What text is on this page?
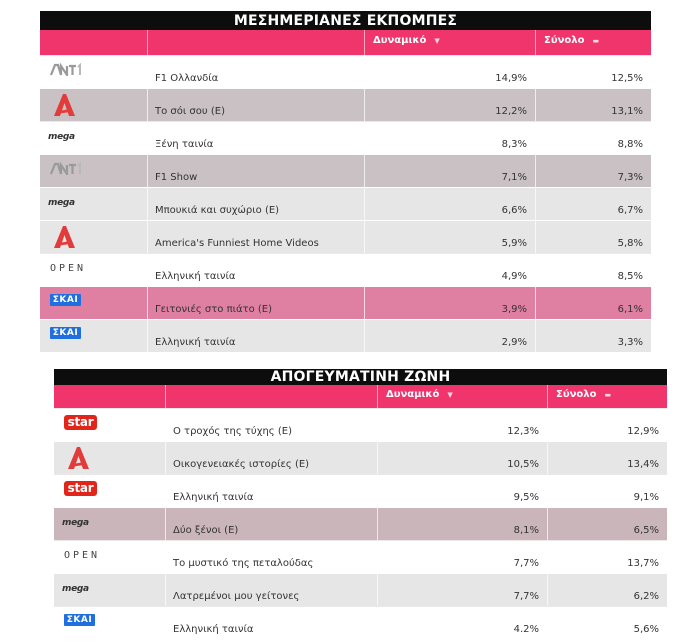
ΜΕΣΗΜΕΡΙΑΝΕΣ ΕΚΠΟΜΠΕΣ
Δυναμικό ▼	Σύνολο ▬
F1 Ολλανδία	14,9%	12,5%
Το σόι σου (Ε)	12,2%	13,1%
mega
Ξένη ταινία	8,3%	8,8%
F1 Show	7,1%	7,3%
mega
Μπουκιά και συχώριο (Ε)	6,6%	6,7%
America's Funniest Home Videos	5,9%	5,8%
OPEN
Ελληνική ταινία	4,9%	8,5%
ΣΚΑΙ
Γειτονιές στο πιάτο (Ε)	3,9%	6,1%
ΣΚΑΙ
Ελληνική ταινία	2,9%	3,3%
ΑΠΟΓΕΥΜΑΤΙΝΗ ΖΩΝΗ
Δυναμικό ▼	Σύνολο ▬
star
Ο τροχός της τύχης (Ε)	12,3%	12,9%
Οικογενειακές ιστορίες (Ε)	10,5%	13,4%
star
Ελληνική ταινία	9,5%	9,1%
mega
Δύο ξένοι (Ε)	8,1%	6,5%
OPEN
Το μυστικό της πεταλούδας	7,7%	13,7%
mega
Λατρεμένοι μου γείτονες	7,7%	6,2%
ΣΚΑΙ
Ελληνική ταινία	4.2%	5,6%
